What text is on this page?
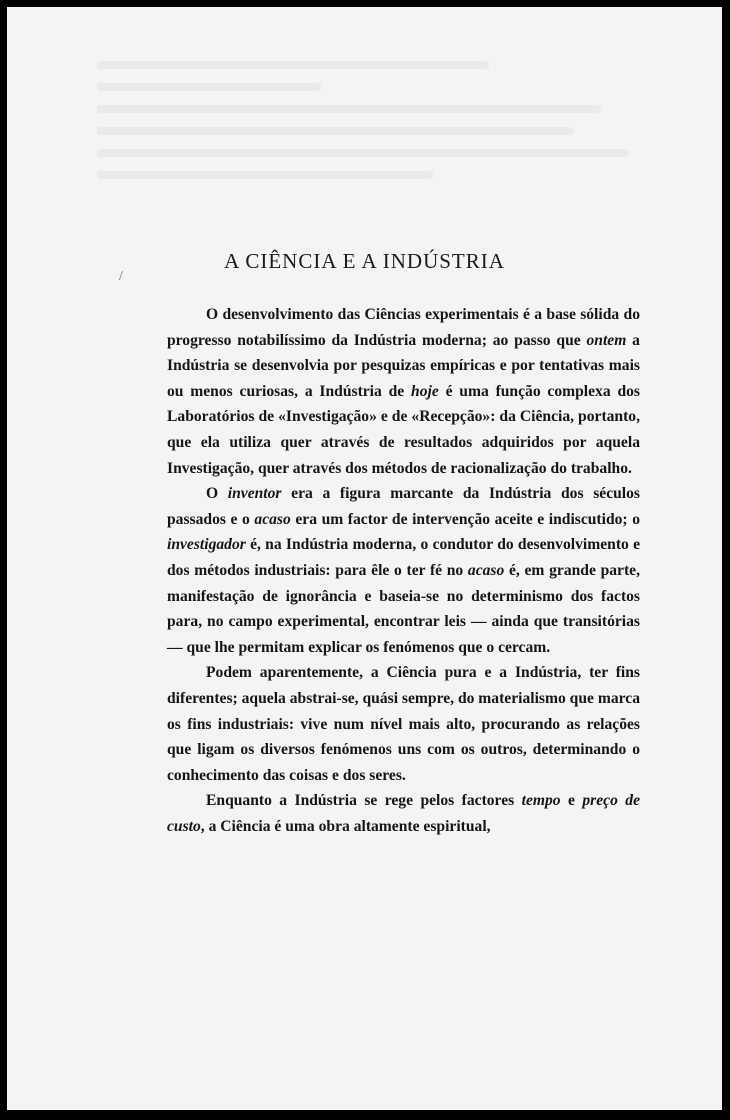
/
A CIÊNCIA E A INDÚSTRIA

O desenvolvimento das Ciências experimentais é a base sólida do progresso notabilíssimo da Indústria moderna; ao passo que ontem a Indústria se desenvolvia por pesquizas empíricas e por tentativas mais ou menos curiosas, a Indústria de hoje é uma função complexa dos Laboratórios de «Investigação» e de «Recepção»: da Ciência, portanto, que ela utiliza quer através de resultados adquiridos por aquela Investigação, quer através dos métodos de racionalização do trabalho.

O inventor era a figura marcante da Indústria dos séculos passados e o acaso era um factor de intervenção aceite e indiscutido; o investigador é, na Indústria moderna, o condutor do desenvolvimento e dos métodos industriais: para êle o ter fé no acaso é, em grande parte, manifestação de ignorância e baseia-se no determinismo dos factos para, no campo experimental, encontrar leis — ainda que transitórias — que lhe permitam explicar os fenómenos que o cercam.

Podem aparentemente, a Ciência pura e a Indústria, ter fins diferentes; aquela abstrai-se, quási sempre, do materialismo que marca os fins industriais: vive num nível mais alto, procurando as relações que ligam os diversos fenómenos uns com os outros, determinando o conhecimento das coisas e dos seres.

Enquanto a Indústria se rege pelos factores tempo e preço de custo, a Ciência é uma obra altamente espiritual,
